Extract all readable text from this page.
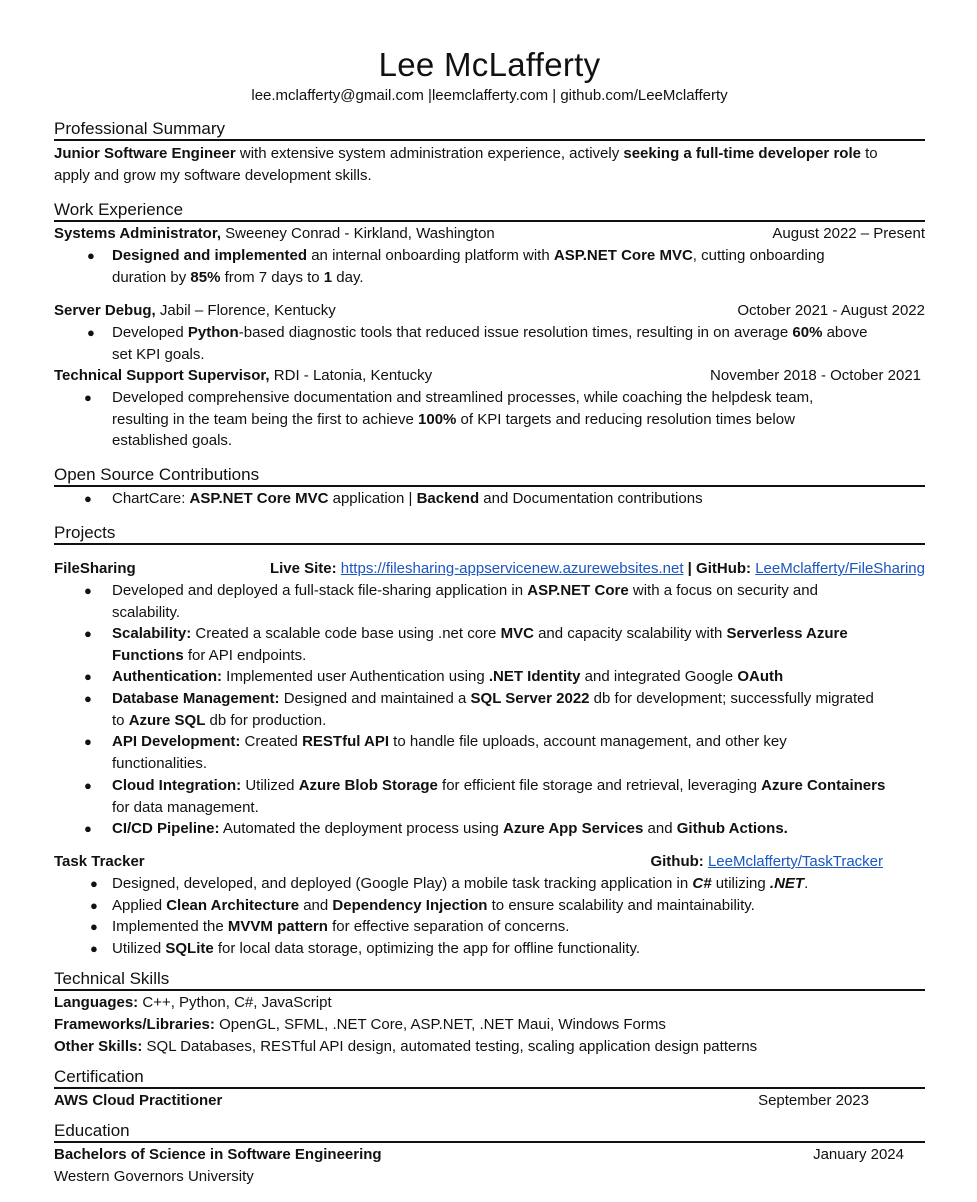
Lee McLafferty
lee.mclafferty@gmail.com |leemclafferty.com | github.com/LeeMclafferty
Professional Summary
Junior Software Engineer with extensive system administration experience, actively seeking a full-time developer role to
apply and grow my software development skills.
Work Experience
Systems Administrator, Sweeney Conrad - Kirkland, Washington	August 2022 – Present
● Designed and implemented an internal onboarding platform with ASP.NET Core MVC, cutting onboarding
duration by 85% from 7 days to 1 day.
Server Debug, Jabil – Florence, Kentucky	October 2021 - August 2022
● Developed Python-based diagnostic tools that reduced issue resolution times, resulting in on average 60% above
set KPI goals.
Technical Support Supervisor, RDI - Latonia, Kentucky	November 2018 - October 2021
● Developed comprehensive documentation and streamlined processes, while coaching the helpdesk team,
resulting in the team being the first to achieve 100% of KPI targets and reducing resolution times below
established goals.
Open Source Contributions
● ChartCare: ASP.NET Core MVC application | Backend and Documentation contributions
Projects
FileSharing	Live Site: https://filesharing-appservicenew.azurewebsites.net | GitHub: LeeMclafferty/FileSharing
● Developed and deployed a full-stack file-sharing application in ASP.NET Core with a focus on security and
scalability.
● Scalability: Created a scalable code base using .net core MVC and capacity scalability with Serverless Azure
Functions for API endpoints.
● Authentication: Implemented user Authentication using .NET Identity and integrated Google OAuth
● Database Management: Designed and maintained a SQL Server 2022 db for development; successfully migrated
to Azure SQL db for production.
● API Development: Created RESTful API to handle file uploads, account management, and other key
functionalities.
● Cloud Integration: Utilized Azure Blob Storage for efficient file storage and retrieval, leveraging Azure Containers
for data management.
● CI/CD Pipeline: Automated the deployment process using Azure App Services and Github Actions.
Task Tracker	Github: LeeMclafferty/TaskTracker
● Designed, developed, and deployed (Google Play) a mobile task tracking application in C# utilizing .NET.
● Applied Clean Architecture and Dependency Injection to ensure scalability and maintainability.
● Implemented the MVVM pattern for effective separation of concerns.
● Utilized SQLite for local data storage, optimizing the app for offline functionality.
Technical Skills
Languages: C++, Python, C#, JavaScript
Frameworks/Libraries: OpenGL, SFML, .NET Core, ASP.NET, .NET Maui, Windows Forms
Other Skills: SQL Databases, RESTful API design, automated testing, scaling application design patterns
Certification
AWS Cloud Practitioner	September 2023
Education
Bachelors of Science in Software Engineering	January 2024
Western Governors University
